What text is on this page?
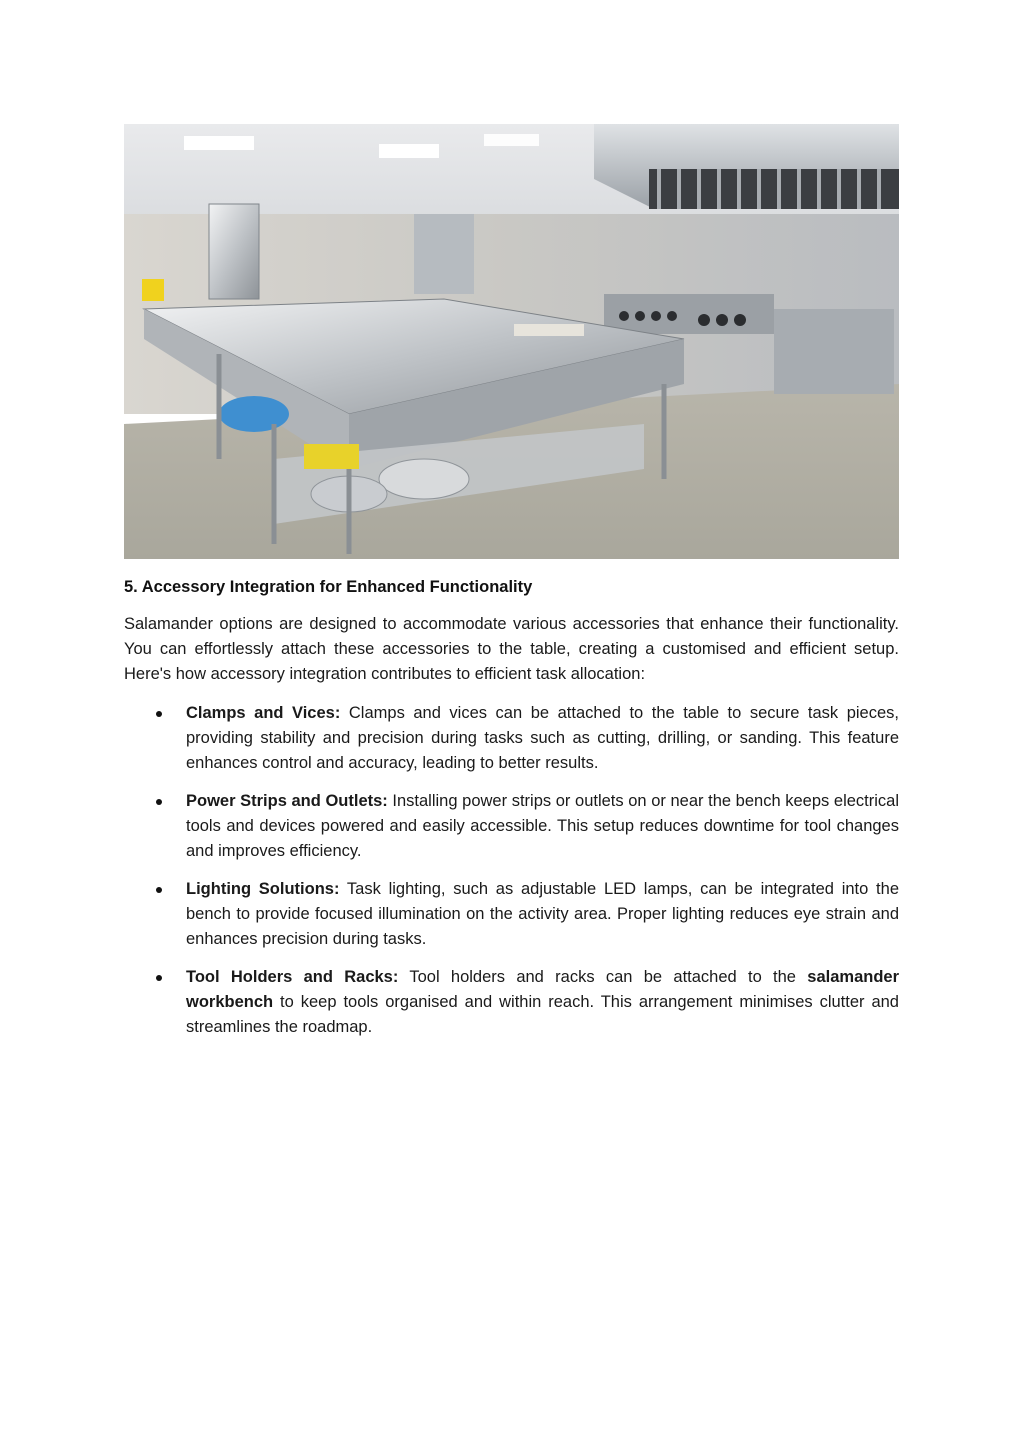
5. Accessory Integration for Enhanced Functionality

Salamander options are designed to accommodate various accessories that enhance their functionality. You can effortlessly attach these accessories to the table, creating a customised and efficient setup. Here's how accessory integration contributes to efficient task allocation:

Clamps and Vices: Clamps and vices can be attached to the table to secure task pieces, providing stability and precision during tasks such as cutting, drilling, or sanding. This feature enhances control and accuracy, leading to better results.
Power Strips and Outlets: Installing power strips or outlets on or near the bench keeps electrical tools and devices powered and easily accessible. This setup reduces downtime for tool changes and improves efficiency.
Lighting Solutions: Task lighting, such as adjustable LED lamps, can be integrated into the bench to provide focused illumination on the activity area. Proper lighting reduces eye strain and enhances precision during tasks.
Tool Holders and Racks: Tool holders and racks can be attached to the salamander workbench to keep tools organised and within reach. This arrangement minimises clutter and streamlines the roadmap.
